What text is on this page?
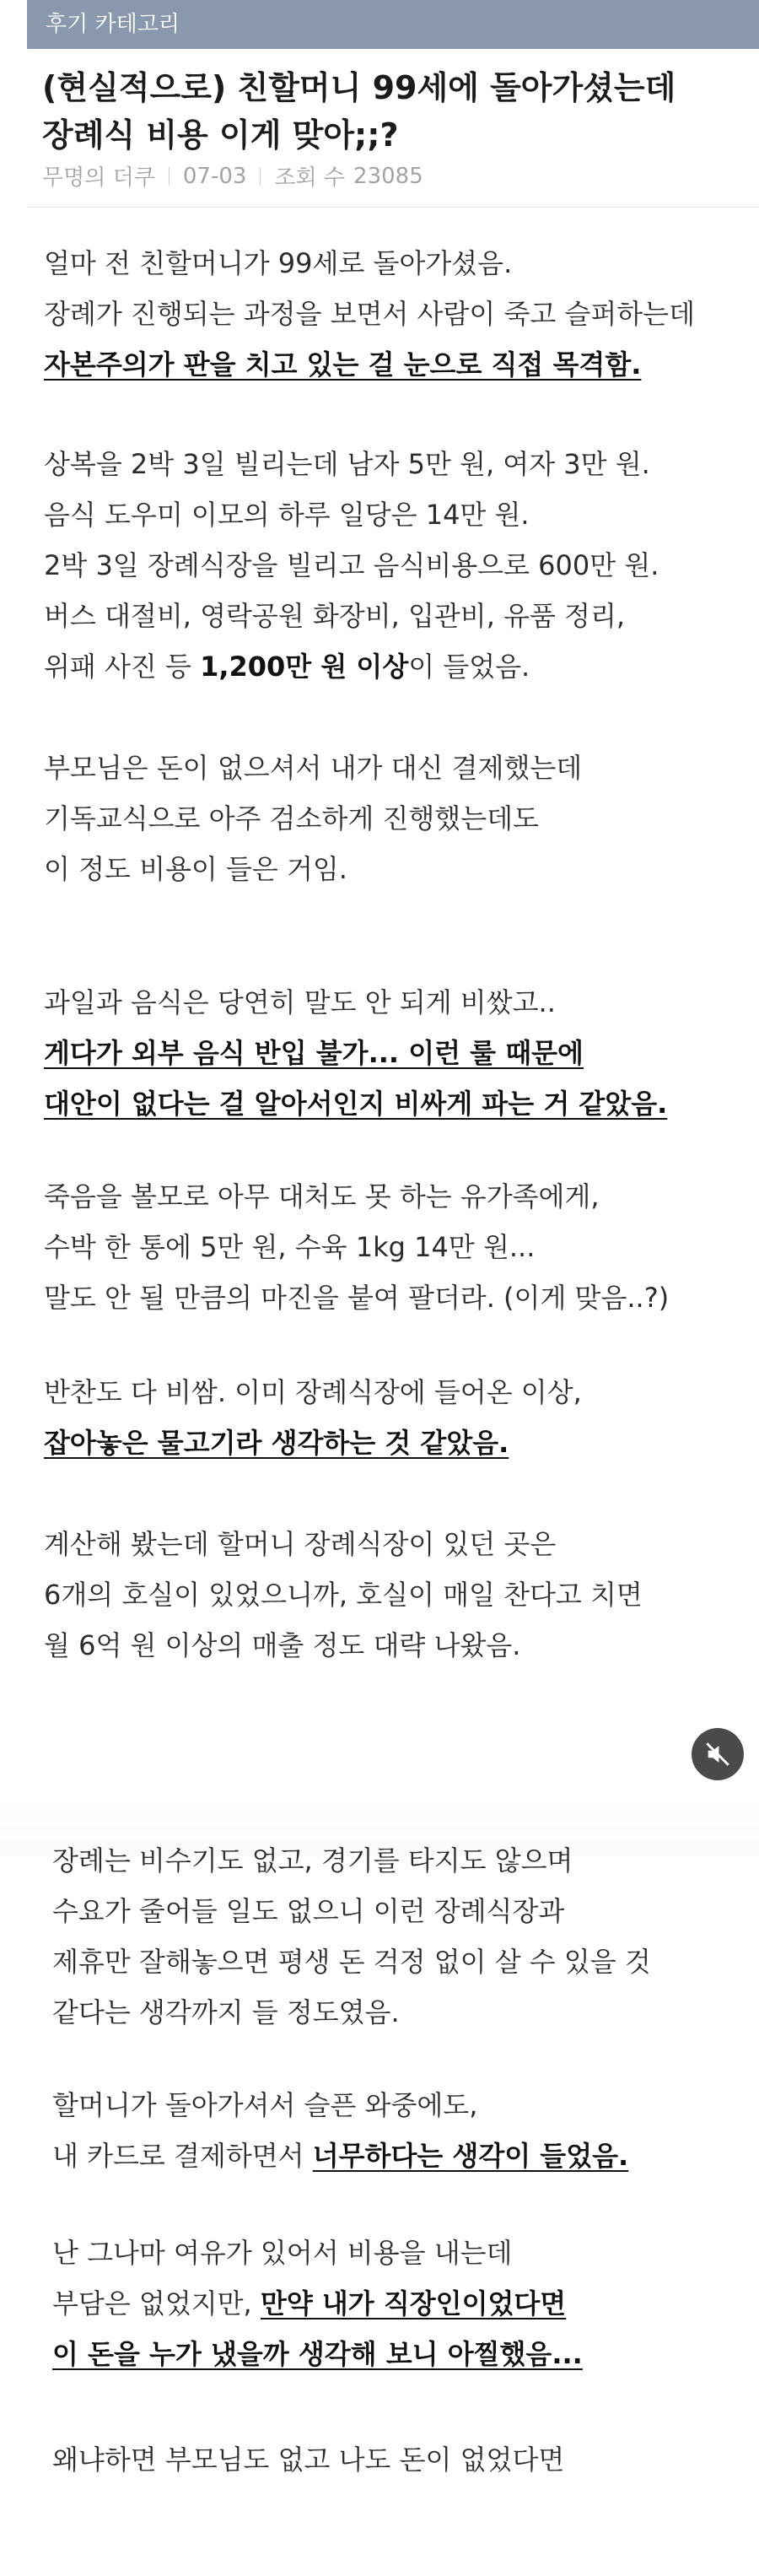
후기 카테고리
(현실적으로) 친할머니 99세에 돌아가셨는데
장례식 비용 이게 맞아;;?
무명의 더쿠 07-03 조회 수 23085
얼마 전 친할머니가 99세로 돌아가셨음.
장례가 진행되는 과정을 보면서 사람이 죽고 슬퍼하는데
자본주의가 판을 치고 있는 걸 눈으로 직접 목격함.
상복을 2박 3일 빌리는데 남자 5만 원, 여자 3만 원.
음식 도우미 이모의 하루 일당은 14만 원.
2박 3일 장례식장을 빌리고 음식비용으로 600만 원.
버스 대절비, 영락공원 화장비, 입관비, 유품 정리,
위패 사진 등 1,200만 원 이상이 들었음.
부모님은 돈이 없으셔서 내가 대신 결제했는데
기독교식으로 아주 검소하게 진행했는데도
이 정도 비용이 들은 거임.
과일과 음식은 당연히 말도 안 되게 비쌌고..
게다가 외부 음식 반입 불가... 이런 룰 때문에
대안이 없다는 걸 알아서인지 비싸게 파는 거 같았음.
죽음을 볼모로 아무 대처도 못 하는 유가족에게,
수박 한 통에 5만 원, 수육 1kg 14만 원...
말도 안 될 만큼의 마진을 붙여 팔더라. (이게 맞음..?)
반찬도 다 비쌈. 이미 장례식장에 들어온 이상,
잡아놓은 물고기라 생각하는 것 같았음.
계산해 봤는데 할머니 장례식장이 있던 곳은
6개의 호실이 있었으니까, 호실이 매일 찬다고 치면
월 6억 원 이상의 매출 정도 대략 나왔음.
장례는 비수기도 없고, 경기를 타지도 않으며
수요가 줄어들 일도 없으니 이런 장례식장과
제휴만 잘해놓으면 평생 돈 걱정 없이 살 수 있을 것
같다는 생각까지 들 정도였음.
할머니가 돌아가셔서 슬픈 와중에도,
내 카드로 결제하면서 너무하다는 생각이 들었음.
난 그나마 여유가 있어서 비용을 내는데
부담은 없었지만, 만약 내가 직장인이었다면
이 돈을 누가 냈을까 생각해 보니 아찔했음...
왜냐하면 부모님도 없고 나도 돈이 없었다면
